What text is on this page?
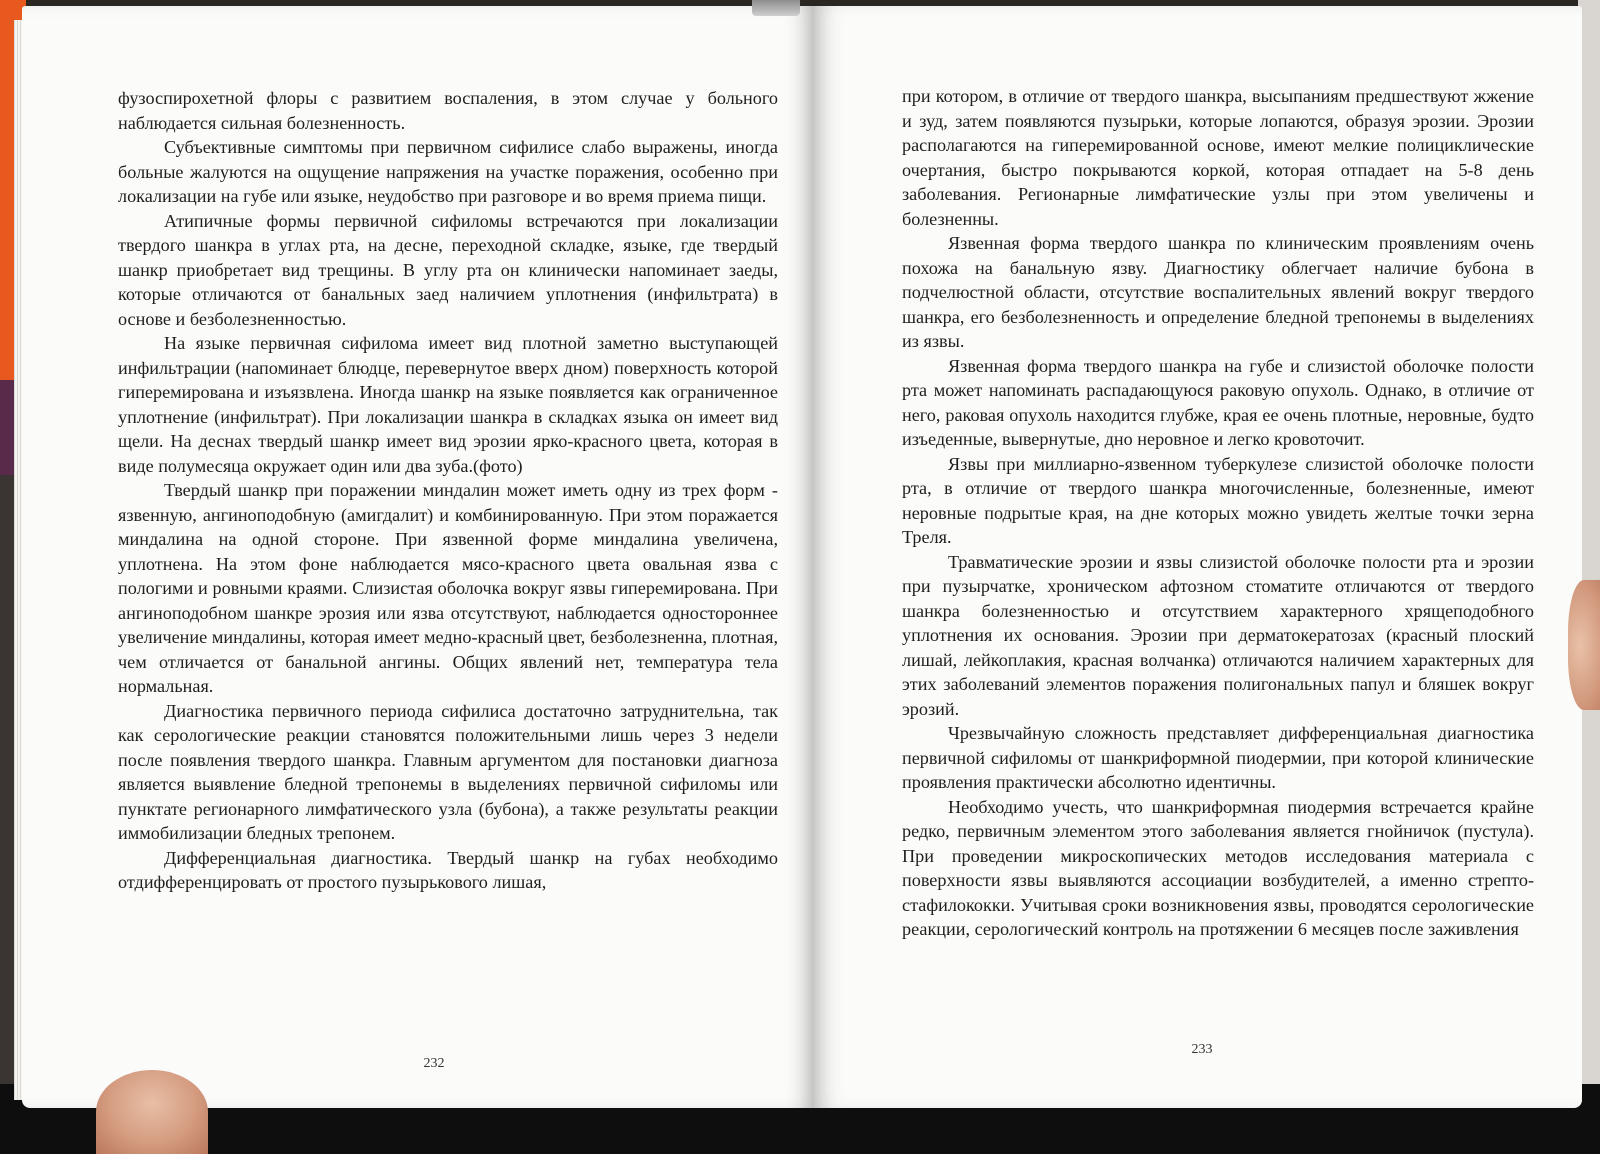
фузоспирохетной флоры с развитием воспаления, в этом случае у больного наблюдается сильная болезненность.

Субъективные симптомы при первичном сифилисе слабо выражены, иногда больные жалуются на ощущение напряжения на участке поражения, особенно при локализации на губе или языке, неудобство при разговоре и во время приема пищи.

Атипичные формы первичной сифиломы встречаются при локализации твердого шанкра в углах рта, на десне, переходной складке, языке, где твердый шанкр приобретает вид трещины. В углу рта он клинически напоминает заеды, которые отличаются от банальных заед наличием уплотнения (инфильтрата) в основе и безболезненностью.

На языке первичная сифилома имеет вид плотной заметно выступающей инфильтрации (напоминает блюдце, перевернутое вверх дном) поверхность которой гиперемирована и изъязвлена. Иногда шанкр на языке появляется как ограниченное уплотнение (инфильтрат). При локализации шанкра в складках языка он имеет вид щели. На деснах твердый шанкр имеет вид эрозии ярко-красного цвета, которая в виде полумесяца окружает один или два зуба.(фото)

Твердый шанкр при поражении миндалин может иметь одну из трех форм - язвенную, ангиноподобную (амигдалит) и комбинированную. При этом поражается миндалина на одной стороне. При язвенной форме миндалина увеличена, уплотнена. На этом фоне наблюдается мясо-красного цвета овальная язва с пологими и ровными краями. Слизистая оболочка вокруг язвы гиперемирована. При ангиноподобном шанкре эрозия или язва отсутствуют, наблюдается одностороннее увеличение миндалины, которая имеет медно-красный цвет, безболезненна, плотная, чем отличается от банальной ангины. Общих явлений нет, температура тела нормальная.

Диагностика первичного периода сифилиса достаточно затруднительна, так как серологические реакции становятся положительными лишь через 3 недели после появления твердого шанкра. Главным аргументом для постановки диагноза является выявление бледной трепонемы в выделениях первичной сифиломы или пунктате регионарного лимфатического узла (бубона), а также результаты реакции иммобилизации бледных трепонем.

Дифференциальная диагностика. Твердый шанкр на губах необходимо отдифференцировать от простого пузырькового лишая,

232

при котором, в отличие от твердого шанкра, высыпаниям предшествуют жжение и зуд, затем появляются пузырьки, которые лопаются, образуя эрозии. Эрозии располагаются на гиперемированной основе, имеют мелкие полициклические очертания, быстро покрываются коркой, которая отпадает на 5-8 день заболевания. Регионарные лимфатические узлы при этом увеличены и болезненны.

Язвенная форма твердого шанкра по клиническим проявлениям очень похожа на банальную язву. Диагностику облегчает наличие бубона в подчелюстной области, отсутствие воспалительных явлений вокруг твердого шанкра, его безболезненность и определение бледной трепонемы в выделениях из язвы.

Язвенная форма твердого шанкра на губе и слизистой оболочке полости рта может напоминать распадающуюся раковую опухоль. Однако, в отличие от него, раковая опухоль находится глубже, края ее очень плотные, неровные, будто изъеденные, вывернутые, дно неровное и легко кровоточит.

Язвы при миллиарно-язвенном туберкулезе слизистой оболочке полости рта, в отличие от твердого шанкра многочисленные, болезненные, имеют неровные подрытые края, на дне которых можно увидеть желтые точки зерна Треля.

Травматические эрозии и язвы слизистой оболочке полости рта и эрозии при пузырчатке, хроническом афтозном стоматите отличаются от твердого шанкра болезненностью и отсутствием характерного хрящеподобного уплотнения их основания. Эрозии при дерматокератозах (красный плоский лишай, лейкоплакия, красная волчанка) отличаются наличием характерных для этих заболеваний элементов поражения полигональных папул и бляшек вокруг эрозий.

Чрезвычайную сложность представляет дифференциальная диагностика первичной сифиломы от шанкриформной пиодермии, при которой клинические проявления практически абсолютно идентичны.

Необходимо учесть, что шанкриформная пиодермия встречается крайне редко, первичным элементом этого заболевания является гнойничок (пустула). При проведении микроскопических методов исследования материала с поверхности язвы выявляются ассоциации возбудителей, а именно стрепто-стафилококки. Учитывая сроки возникновения язвы, проводятся серологические реакции, серологический контроль на протяжении 6 месяцев после заживления

233
